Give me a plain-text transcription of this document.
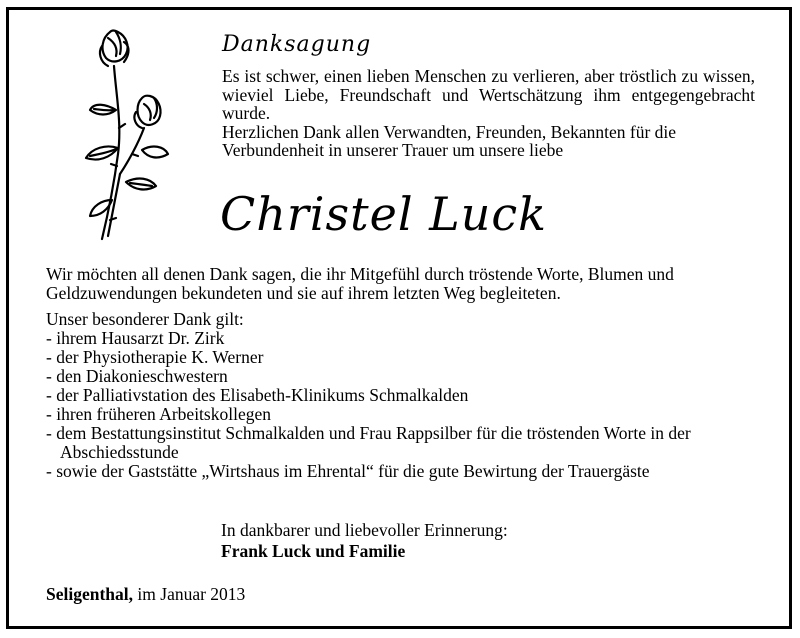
Danksagung

Es ist schwer, einen lieben Menschen zu verlieren, aber tröstlich zu wissen, wieviel Liebe, Freundschaft und Wertschätzung ihm entgegengebracht wurde.

Herzlichen Dank allen Verwandten, Freunden, Bekannten für die Verbundenheit in unserer Trauer um unsere liebe

Christel Luck

Wir möchten all denen Dank sagen, die ihr Mitgefühl durch tröstende Worte, Blumen und Geldzuwendungen bekundeten und sie auf ihrem letzten Weg begleiteten.

Unser besonderer Dank gilt:

- ihrem Hausarzt Dr. Zirk
- der Physiotherapie K. Werner
- den Diakonieschwestern
- der Palliativstation des Elisabeth-Klinikums Schmalkalden
- ihren früheren Arbeitskollegen
- dem Bestattungsinstitut Schmalkalden und Frau Rappsilber für die tröstenden Worte in der Abschiedsstunde
- sowie der Gaststätte „Wirtshaus im Ehrental“ für die gute Bewirtung der Trauergäste
In dankbarer und liebevoller Erinnerung:
Frank Luck und Familie
Seligenthal, im Januar 2013
